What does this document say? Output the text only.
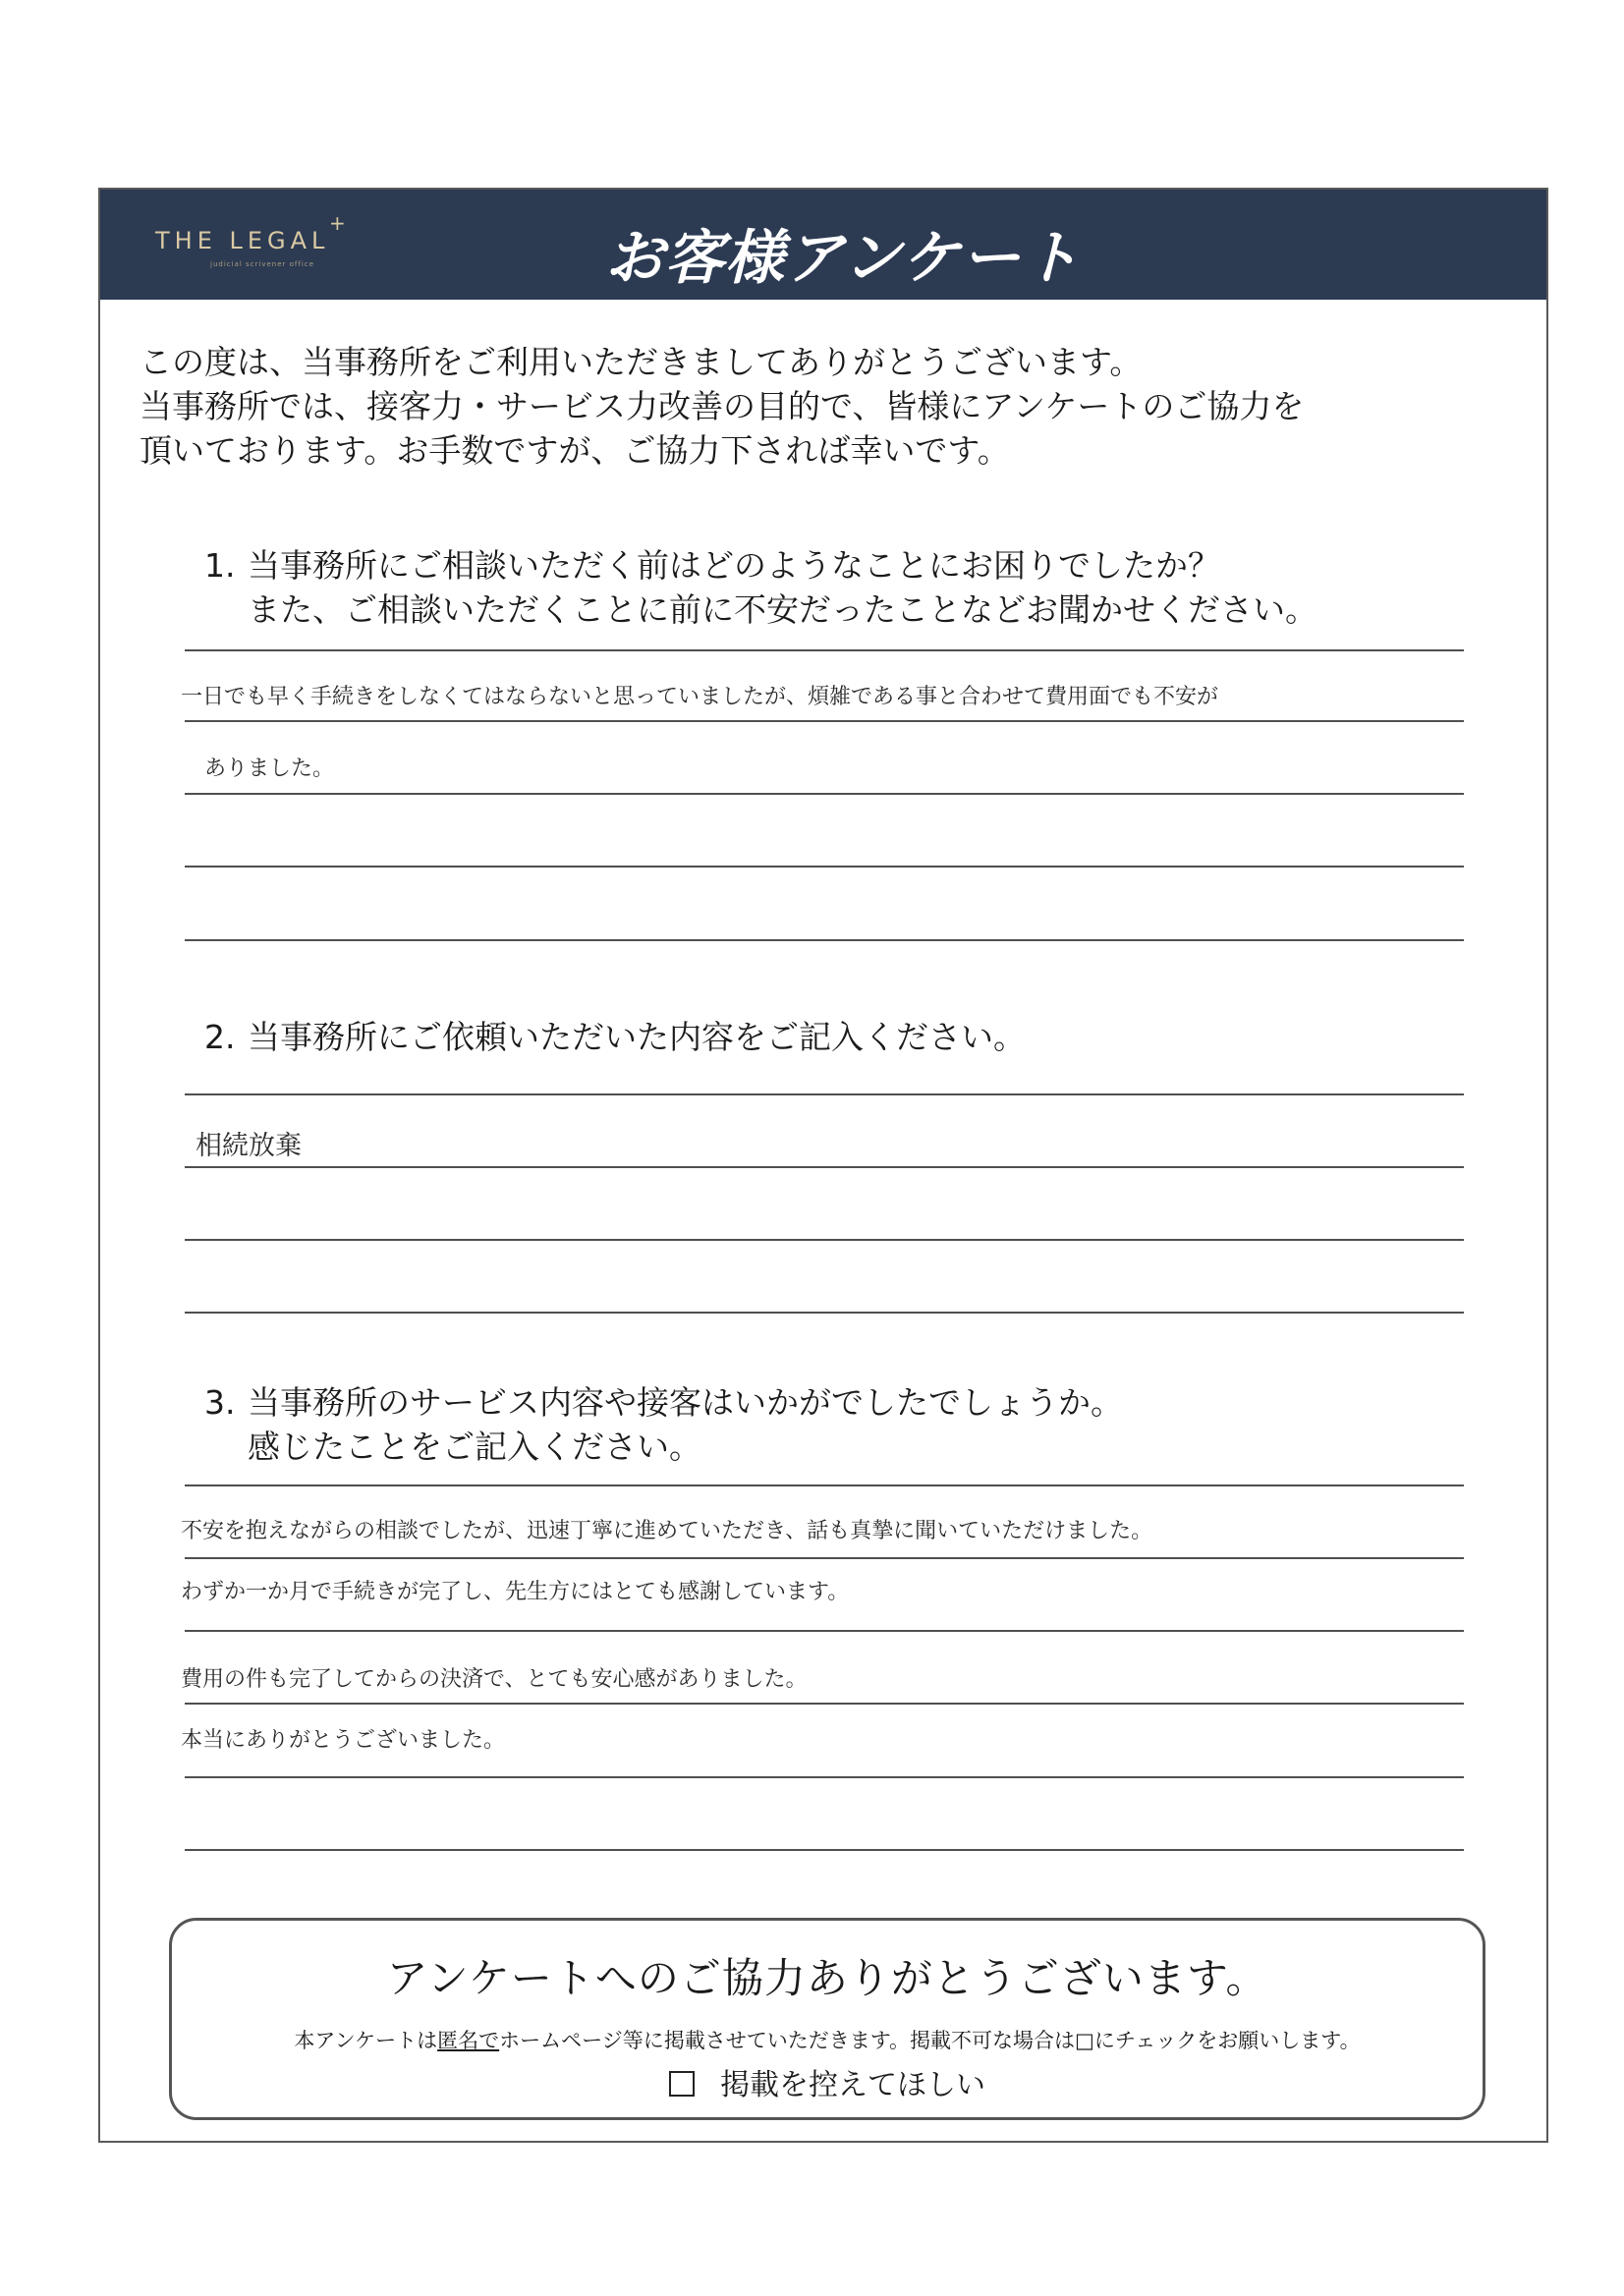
THE LEGAL
+
judicial scrivener office	お客様アンケート
この度は、当事務所をご利用いただきましてありがとうございます。
当事務所では、接客力・サービス力改善の目的で、皆様にアンケートのご協力を
頂いております。お手数ですが、ご協力下されば幸いです。
1. 当事務所にご相談いただく前はどのようなことにお困りでしたか？
また、ご相談いただくことに前に不安だったことなどお聞かせください。
一日でも早く手続きをしなくてはならないと思っていましたが、煩雑である事と合わせて費用面でも不安が
ありました。
2. 当事務所にご依頼いただいた内容をご記入ください。
相続放棄
3. 当事務所のサービス内容や接客はいかがでしたでしょうか。
感じたことをご記入ください。
不安を抱えながらの相談でしたが、迅速丁寧に進めていただき、話も真摯に聞いていただけました。
わずか一か月で手続きが完了し、先生方にはとても感謝しています。
費用の件も完了してからの決済で、とても安心感がありました。
本当にありがとうございました。
アンケートへのご協力ありがとうございます。
本アンケートは匿名でホームページ等に掲載させていただきます。掲載不可な場合は□にチェックをお願いします。
掲載を控えてほしい
